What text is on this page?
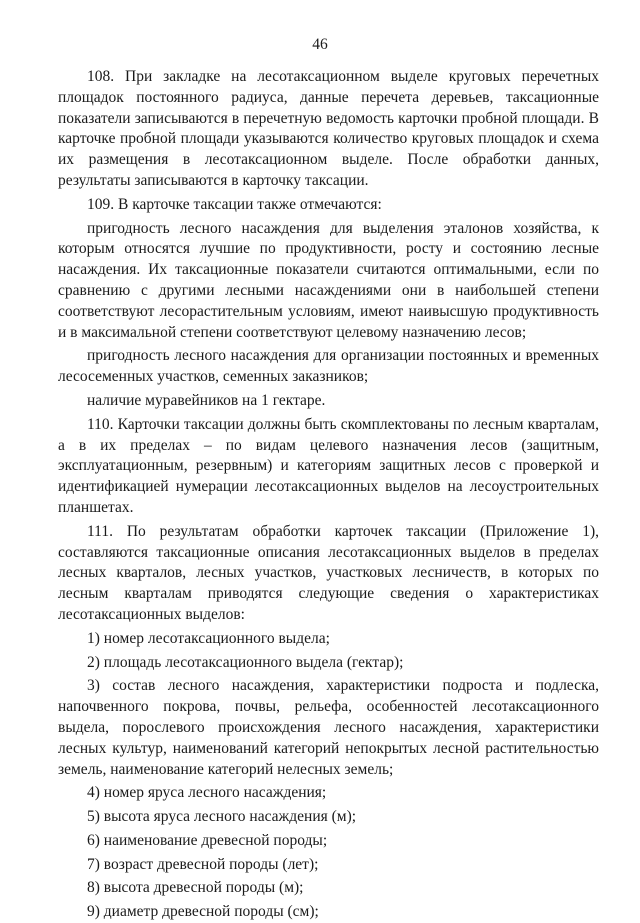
46

108. При закладке на лесотаксационном выделе круговых перечетных площадок постоянного радиуса, данные перечета деревьев, таксационные показатели записываются в перечетную ведомость карточки пробной площади. В карточке пробной площади указываются количество круговых площадок и схема их размещения в лесотаксационном выделе. После обработки данных, результаты записываются в карточку таксации.

109. В карточке таксации также отмечаются:

пригодность лесного насаждения для выделения эталонов хозяйства, к которым относятся лучшие по продуктивности, росту и состоянию лесные насаждения. Их таксационные показатели считаются оптимальными, если по сравнению с другими лесными насаждениями они в наибольшей степени соответствуют лесорастительным условиям, имеют наивысшую продуктивность и в максимальной степени соответствуют целевому назначению лесов;

пригодность лесного насаждения для организации постоянных и временных лесосеменных участков, семенных заказников;

наличие муравейников на 1 гектаре.

110. Карточки таксации должны быть скомплектованы по лесным кварталам, а в их пределах – по видам целевого назначения лесов (защитным, эксплуатационным, резервным) и категориям защитных лесов с проверкой и идентификацией нумерации лесотаксационных выделов на лесоустроительных планшетах.

111. По результатам обработки карточек таксации (Приложение 1), составляются таксационные описания лесотаксационных выделов в пределах лесных кварталов, лесных участков, участковых лесничеств, в которых по лесным кварталам приводятся следующие сведения о характеристиках лесотаксационных выделов:

1) номер лесотаксационного выдела;

2) площадь лесотаксационного выдела (гектар);

3) состав лесного насаждения, характеристики подроста и подлеска, напочвенного покрова, почвы, рельефа, особенностей лесотаксационного выдела, порослевого происхождения лесного насаждения, характеристики лесных культур, наименований категорий непокрытых лесной растительностью земель, наименование категорий нелесных земель;

4) номер яруса лесного насаждения;

5) высота яруса лесного насаждения (м);

6) наименование древесной породы;

7) возраст древесной породы (лет);

8) высота древесной породы (м);

9) диаметр древесной породы (см);
